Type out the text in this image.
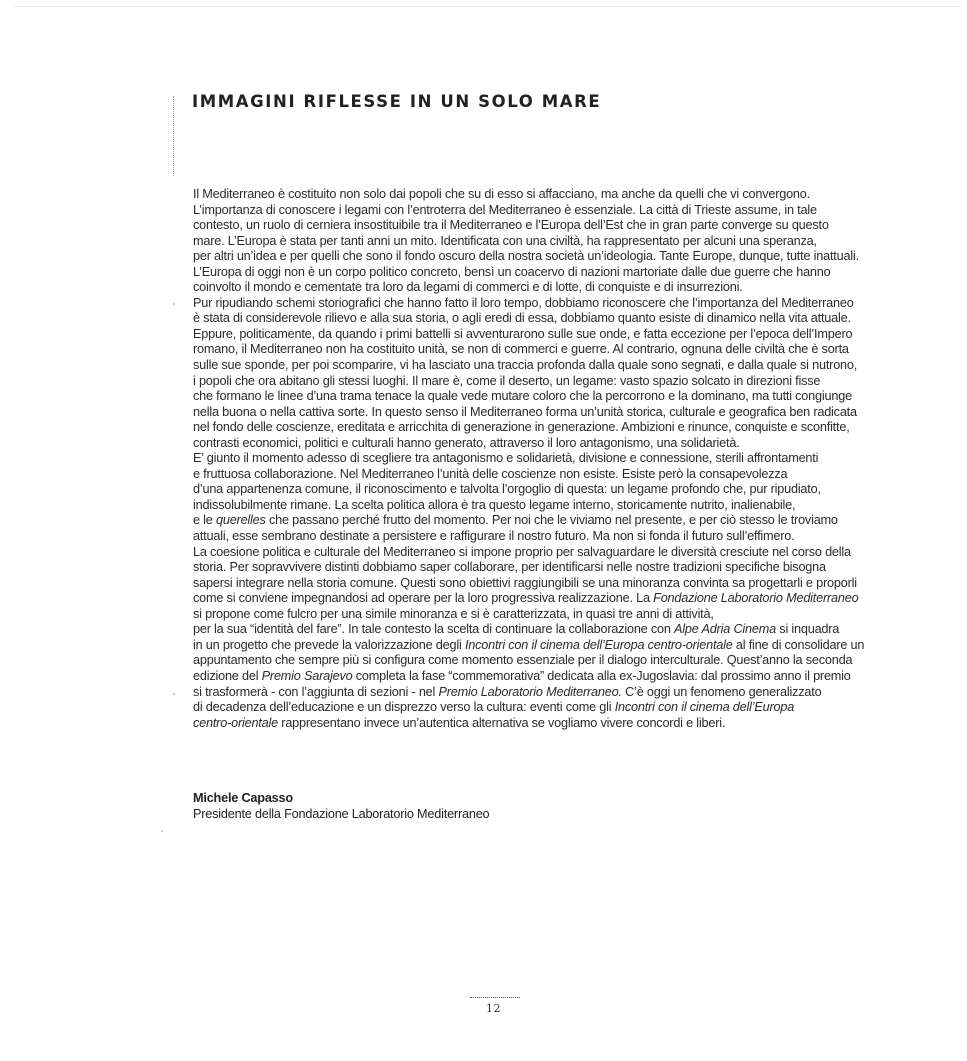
IMMAGINI RIFLESSE IN UN SOLO MARE
Il Mediterraneo è costituito non solo dai popoli che su di esso si affacciano, ma anche da quelli che vi convergono.
L’importanza di conoscere i legami con l’entroterra del Mediterraneo è essenziale. La città di Trieste assume, in tale
contesto, un ruolo di cerniera insostituibile tra il Mediterraneo e l’Europa dell’Est che in gran parte converge su questo
mare. L’Europa è stata per tanti anni un mito. Identificata con una civiltà, ha rappresentato per alcuni una speranza,
per altri un’idea e per quelli che sono il fondo oscuro della nostra società un’ideologia. Tante Europe, dunque, tutte inattuali.
L’Europa di oggi non è un corpo politico concreto, bensì un coacervo di nazioni martoriate dalle due guerre che hanno
coinvolto il mondo e cementate tra loro da legami di commerci e di lotte, di conquiste e di insurrezioni.
Pur ripudiando schemi storiografici che hanno fatto il loro tempo, dobbiamo riconoscere che l’importanza del Mediterraneo
è stata di considerevole rilievo e alla sua storia, o agli eredi di essa, dobbiamo quanto esiste di dinamico nella vita attuale.
Eppure, politicamente, da quando i primi battelli si avventurarono sulle sue onde, e fatta eccezione per l’epoca dell’Impero
romano, il Mediterraneo non ha costituito unità, se non di commerci e guerre. Al contrario, ognuna delle civiltà che è sorta
sulle sue sponde, per poi scomparire, vi ha lasciato una traccia profonda dalla quale sono segnati, e dalla quale si nutrono,
i popoli che ora abitano gli stessi luoghi. Il mare è, come il deserto, un legame: vasto spazio solcato in direzioni fisse
che formano le linee d’una trama tenace la quale vede mutare coloro che la percorrono e la dominano, ma tutti congiunge
nella buona o nella cattiva sorte. In questo senso il Mediterraneo forma un’unità storica, culturale e geografica ben radicata
nel fondo delle coscienze, ereditata e arricchita di generazione in generazione. Ambizioni e rinunce, conquiste e sconfitte,
contrasti economici, politici e culturali hanno generato, attraverso il loro antagonismo, una solidarietà.
E’ giunto il momento adesso di scegliere tra antagonismo e solidarietà, divisione e connessione, sterili affrontamenti
e fruttuosa collaborazione. Nel Mediterraneo l’unità delle coscienze non esiste. Esiste però la consapevolezza
d’una appartenenza comune, il riconoscimento e talvolta l’orgoglio di questa: un legame profondo che, pur ripudiato,
indissolubilmente rimane. La scelta politica allora è tra questo legame interno, storicamente nutrito, inalienabile,
e le querelles che passano perché frutto del momento. Per noi che le viviamo nel presente, e per ciò stesso le troviamo
attuali, esse sembrano destinate a persistere e raffigurare il nostro futuro. Ma non si fonda il futuro sull’effimero.
La coesione politica e culturale del Mediterraneo si impone proprio per salvaguardare le diversità cresciute nel corso della
storia. Per sopravvivere distinti dobbiamo saper collaborare, per identificarsi nelle nostre tradizioni specifiche bisogna
sapersi integrare nella storia comune. Questi sono obiettivi raggiungibili se una minoranza convinta sa progettarli e proporli
come si conviene impegnandosi ad operare per la loro progressiva realizzazione. La Fondazione Laboratorio Mediterraneo
si propone come fulcro per una simile minoranza e si è caratterizzata, in quasi tre anni di attività,
per la sua “identità del fare”. In tale contesto la scelta di continuare la collaborazione con Alpe Adria Cinema si inquadra
in un progetto che prevede la valorizzazione degli Incontri con il cinema dell’Europa centro-orientale al fine di consolidare un
appuntamento che sempre più si configura come momento essenziale per il dialogo interculturale. Quest’anno la seconda
edizione del Premio Sarajevo completa la fase “commemorativa” dedicata alla ex-Jugoslavia: dal prossimo anno il premio
si trasformerà - con l’aggiunta di sezioni - nel Premio Laboratorio Mediterraneo. C’è oggi un fenomeno generalizzato
di decadenza dell’educazione e un disprezzo verso la cultura: eventi come gli Incontri con il cinema dell’Europa
centro-orientale rappresentano invece un’autentica alternativa se vogliamo vivere concordi e liberi.
Michele Capasso
Presidente della Fondazione Laboratorio Mediterraneo
12
